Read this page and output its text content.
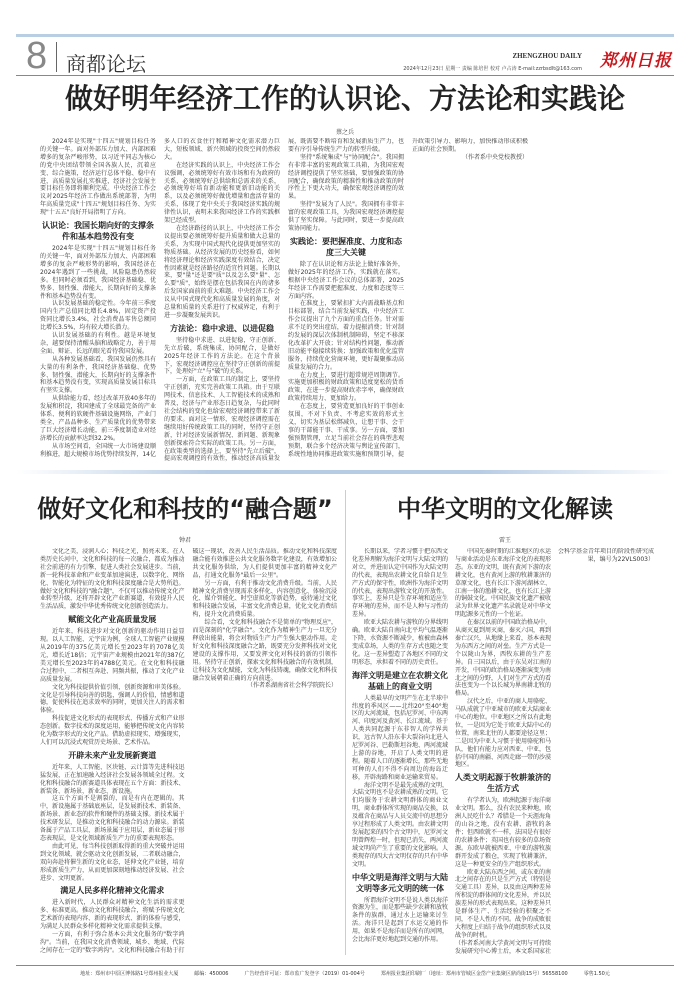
8 商都论坛	ZHENGZHOU DAILY
2024年12月23日 星期一 责编 陈培世 校对 卢占涛 E-mail:zzrbsdlt@163.com 郑州日报
做好明年经济工作的认识论、方法论和实践论
蔡之兵

2024年是实现"十四五"规划目标任务的关键一年。面对外部压力加大、内部困难增多的复杂严峻形势，以习近平同志为核心的党中央团结带领全国各族人民，沉着应变、综合施策，经济运行总体平稳、稳中有进，高质量发展扎实推进，经济社会发展主要目标任务即将顺利完成。中央经济工作会议对2025年经济工作做出系统部署，为明年高质量完成"十四五"规划目标任务、为实现"十五五"良好开局指明了方向。

认识论：我国长期向好的支撑条件和基本趋势没有变

2024年是实现"十四五"规划目标任务的关键一年，面对外部压力加大、内部困难增多的复杂严峻形势的影响，我国经济在2024年遇到了一些挑战，风险隐患仍然较多。但同时必须看到，我国经济基础稳、优势多、韧性强、潜能大，长期向好的支撑条件和基本趋势没有变。

认识发展基础的稳定性。今年前三季度国内生产总值同比增长4.8%，固定资产投资同比增长3.4%，社会消费品零售总额同比增长3.5%，均有较大增长潜力。

认识发展基础的有利性。越是环境复杂，越要保持清醒头脑和战略定力，善于用全面、辩证、长远的眼光看待我国发展。

从各种发展基础看，我国发展仍然具有大量的有利条件，我国经济基础稳、优势多、韧性强、潜能大，长期向好的支撑条件和基本趋势没有变，实现高质量发展目标具有坚实支撑。

从供给能力看，经过改革开放40多年的发展和积淀，我国建成了全球最完备的产业体系、便利的软硬件基础设施网络，产业门类全、产品品种多、生产质量优的优势带来了巨大经济增长动能，前三季度制造业对经济增长的贡献率达到32.2%。

从市场空间看，全国统一大市场建设顺利推进，超大规模市场优势持续发挥，14亿多人口的衣食住行和精神文化需求潜力巨大，短板领域、新兴领域的投资空间仍然较大。

在经济实践的认识上，中央经济工作会议强调，必须统筹好有效市场和有为政府的关系，必须统筹好总供给和总需求的关系，必须统筹好培育新动能和更新旧动能的关系，以及必须统筹好做优增量和盘活存量的关系，体现了党中央关于我国经济实践的规律性认识，表明未来我国经济工作的实践框架已经成型。

在经济路径的认识上，中央经济工作会议提出要必须统筹好提升质量和做大总量的关系，为实现中国式现代化提供更加坚实的物质基础。从经济发展的历史经验看，如何将经济理论和经济实践深度有效结合，决定性因素就是经济路径的适宜性问题。长期以来，要"量"还是要"质"以及怎么要"量"、怎么要"质"，始终是摆在包括我国在内的诸多后发国家面前的重大难题。中央经济工作会议从中国式现代化和高质量发展的角度，对总量和质量的关系进行了权威界定，有利于进一步凝聚发展共识。

方法论：稳中求进、以进促稳

坚持稳中求进、以进促稳，守正创新、先立后破，系统集成、协同配合，是做好2025年经济工作的方法论。在这个背景下，宏观经济调控应在坚持守正创新的前提下，处理好"立"与"破"的关系。

一方面，在政策工具的制定上，要坚持守正创新，充实完善政策工具箱。由于互联网技术、信息技术、人工智能技术的成熟和普及，经济与产业形态日趋复杂，与此同时社会结构的变化也给宏观经济调控带来了新的要求。面对这一情形，宏观经济调控需在继续用好传统政策工具的同时，坚持守正创新，针对经济发展新情况、新问题、新现象创新探索符合实际的政策工具。另一方面，在政策类型的选择上，要坚持"先立后破"，提高宏观调控的有效性，推动经济高质量发展，既需要不断培育和发展新质生产力，也要有序引导传统生产力的转型升级。

坚持"系统集成"与"协同配合"。我国拥有非常丰富的宏观政策工具箱，为我国宏观经济调控提供了坚实基础，要加强政策的协同配合，确保政策的精准性和推动政策的时序性上下更大功夫，确保宏观经济调控的效果。

坚持"发展为了人民"。我国拥有非常丰富的宏观政策工具，为我国宏观经济调控提供了坚实保障。与此同时，要进一步提高政策协同能力。

实践论：要把握准度、力度和态度三大关键

除了在认识论和方法论上做好准备外，做好2025年的经济工作，实践就在落实。根据中央经济工作会议的总体部署，2025年经济工作需要把握准度、力度和态度等三方面内容。

在准度上，要紧扣扩大内需战略基点和目标部署，结合当前发展实践，中央经济工作会议提出了九个方面的重点任务。针对需求不足的突出症结，着力提振消费；针对制约发展的深层次体制机制障碍，坚定不移深化改革扩大开放；针对结构性问题，推动新旧动能平稳接续转换；加强政策和优化监管服务，持续优化营商环境，更好凝聚推动高质量发展的合力。

在力度上，要进行超常规逆周期调节。实施更加积极的财政政策和适度宽松的货币政策，在进一步提高财政赤字率，确保财政政策持续用力、更加给力。

在态度上，要营造更加良好的干事创业氛围，不对下负责、不考虑实效的形式主义，切实为基层松绑减负，让想干事、会干事的干部能干事、干成事。另一方面，要加强预期管理，立足当前社会存在的典型悲观预期，联合多个经济决策与舆论宣传部门，系统性地协同推进政策实施和预期引导，提升政策引导力、影响力，加快推动形成积极正面的社会预期。

（作者系中央党校教授）

做好文化和科技的“融合题”
钟君

文化之美，浸润人心；科技之光，照亮未来。在人类历史长河中，文化和科技的每一次融合，都成为推动社会前进的有力引擎，促进人类社会发展进步。当前，新一轮科技革命和产业变革加速演进，以数字化、网络化、智能化为特征的文化和科技深度融合是大势所趋。做好文化和科技的"融合题"，不仅可以推动传统文化产业转型升级，还将开辟文化产业新赛道，有效提升人民生活品质，激发中华优秀传统文化创新创造活力。

赋能文化产业高质量发展

近年来，科技进步对文化创新的驱动作用日益显现。以人工智能、元宇宙为例，全球人工智能产业规模从2019年的375亿美元增长至2023年的7078亿美元，增长近18倍；元宇宙产业规模由2021年的387亿美元增长至2023年的4788亿美元。在文化和科技融合过程中，二者相互奔赴、同频共振，推动了文化产业高质量发展。

文化为科技提供价值引领，创新资源和审美体验。文化是引导科技向善的钥匙，强调人的价值，情感和道德，促使科技在追求效率的同时，更加关注人的需求和体验。

科技促进文化形式的表现形式、传播方式和产业形态创新。数字技术的深度运用，能够把传统文化内容转化为数字形式的文化产品。借助虚拟现实、增强现实，人们可以沉浸式观赏历史场景、艺术作品。

开辟未来产业发展新赛道

近年来，人工智能、区块链、云计算等先进科技迅猛发展，正在加速融入经济社会发展各领域全过程。文化和科技融合的新赛道具体表现在五个方面：新技术、新装备、新场景、新业态、新设施。

这五个方面不是割裂的，而是有内在逻辑的。其中，新设施属于基础底座层，是发展新技术、新装备、新场景、新业态的软件和硬件的基础支撑。新技术属于技术研发层，是推动文化和科技融合的动力源泉。新装备属于产品工具层，新场景属于应用层，新业态属于形态表现层，是文化领域新质生产力的重要表现形态。

由此可见，每当科技创新取得新的重大突破并运用到文化领域，就会驱动文化创新发展，二者联动融合，双向奔赴将催生新的文化业态，延伸文化产业链，培育形成新质生产力，从而更加深刻地推动经济发展、社会进步、文明更新。

满足人民多样化精神文化需求

进入新时代，人民群众对精神文化生活的需求更多、标准更高。推动文化和科技融合，将赋予传统文化艺术新的表现内容、新的表现形式、新的体验与感受，为满足人民群众多样化精神文化需求提供支撑。

一方面，有利于弥合基本公共文化服务的"数字鸿沟"。当前，在我国文化消费领域，城乡、地域、代际之间存在一定的"数字鸿沟"。文化和科技融合有助于打破这一现状，改善人民生活品质。推动文化和科技深度融合能有效推进公共文化服务数字化建设，有效增加公共文化服务供给，为人们提供更加丰富的精神文化产品，打通文化服务"最后一公里"。

另一方面，有利于推动文化消费升级。当前，人民精神文化消费呈现需求多样化、内容创意化、体验沉浸化、媒介智能化、时空虚拟化等新趋势，亟待通过文化和科技融合发展，丰富文化消费总量，优化文化消费结构，提升文化消费质量。

综合看，文化和科技融合不是简单的"物理反应"，而是深刻的"化学融合"。文化作为精神生产力一旦充分释放出能量，将会对物质生产力产生强大驱动作用。走好文化和科技深度融合之路，既要充分发挥科技对文化建设的支撑作用，又要发挥文化对科技的新的引领作用。坚持守正创新，探索文化和科技融合的有效机制，让科技为文化赋能，文化为科技铸魂，确保文化和科技融合发展朝着正确的方向前进。

（作者系湖南省社会科学院院长）

中华文明的文化解读
雷王

长期以来，学者习惯于把东西文化差异理解为海洋文明与大陆文明的对立，并进而认定中国作为大陆文明的代表，表现出农耕文化自给自足生产方式的保守性，欧洲作为海洋文明的代表，表现出游牧文化的开放性。事实上，差异只是生存环境和适应生存环境的差异，而不是人种与习性的差异。

欧亚大陆农耕与游牧的分界线明确。欧亚大陆自南向北平均气温逐渐下降，水资源不断减少，植被由森林变成草场，人类的生存方式也随之变化。这一差异塑造了各地区不同的文明形态，承担着不同的历史责任。

海洋文明是建立在农耕文化基础上的商业文明

人类最早的文明产生在北半球中纬度的季风区——北纬20°至40°地区的大河流域，包括尼罗河、中东两河、印度河及黄河、长江流域。基于人类共同起源于东非智人的学界共识，远古智人沿东非大裂谷向北进入尼罗河谷、巴勒斯坦谷地、两河流域上游的谷地，开启了人类文明的进程。随着人口的逐渐增长，那些无地可种的人们不得不向周边的海岛迁移，开辟海路和商业运输来贸易。

海洋文明不是最先成熟的文明，大陆文明也不是农耕成熟的文明。它们均服务于农耕文明群体的商业文明，商业群体所实现的商品交换，以及蕴含在商品与人员交流中的思想分享过程形成了人类文明。由农耕文明发展起来的四个古文明中，尼罗河文明曾辉煌一时，但现已消失，两河流域文明尚产生了重要的文化影响。人类现存的四大古文明仅存的只有中华文明。

中华文明是海洋文明与大陆文明等多元文明的统一体

所谓海洋文明不是说人类以海洋资源为生，而是那些缺少农耕和放牧条件的族群，通过水上运输来讨生活。海洋只是起到了水运交通的作用，如果不是海洋而是所有的河网，会比海洋更好地起到交通的作用。

中国先秦时期的江淮地区的水运与商业活动是东亚海洋文化的表现形态。东亚的文明，既有黄河下游的农耕文化，也有黄河上游的牧耕兼济的草原文化，也有长江下游河湖林立、江南一体的渔耕文化，也有长江上游的铜鼓文化。中国民族文化遗产被收录为世界文化遗产名录就是对中华文明起源多元性的一个佐证。

在秦汉以前的中国政治格局中，从商灭夏到周灭商，秦灭六国，再到秦亡汉兴，从地缘上来看，基本表现为东西方之间的对垒。生产方式是一个以陇山为界，西牧东耕的生产差异。自三国以后，由于东吴对江南的开发，中国的政治格局逐渐演变为南北之间的分野，人们对生产方式的看法也变为一个以长城为界南耕北牧的格局。

汉代之后，中亚的商人用骆驼、马队成就了中亚城市的欧亚大陆商业中心的地位。中亚地区之所以有此地位，一是因为它处于欧亚大陆中心的位置，南来北往的人都要途径这里；二是因为中亚人习惯于使用骆驼和马队，他们有能力应对西亚、中亚，包括中国的南疆、河西走廊一带的沙漠地区。

人类文明起源于牧耕兼济的生活方式

有学者认为，欧洲起源于海洋商业文明。那么，没有农民来种地，欧洲人民吃什么？希腊是一个天涯海角的山谷之地，没有农耕、游牧的条件；但西欧就不一样，法国是有很好的农耕条件；英国也有较多的草场资源。东欧早就被西亚、中亚的游牧族群开发成了粮仓，实现了牧耕兼济，这是一种更安全的生产组织形式。

欧亚大陆东西之间，或东亚的南北之间存在的只是生产方式（特别是交通工具）差异，以及由这两种差异所积淀的群体间的文化差异，并以民族差异的形式表现出来。这种差异只是群体生产、生活经验的积聚之不同，不是人性的不同。战争的成败很大程度上归结于战争的组织形式以及战争的时机。

（作者系河南大学黄河文明与可持续发展研究中心博士后，本文系国家社会科学基金青年项目的阶段性研究成果，编号为22VLS003）

地址：郑州市中原区博体路1号郑州报业大厦	邮编：450006	广告经营许可证：郑市监广发登字（2019）01-004号	郑州报业集团印刷厂（地址：郑州市管城区金岱产业集聚区鼎尚街15号）56558100	零售1.50元
